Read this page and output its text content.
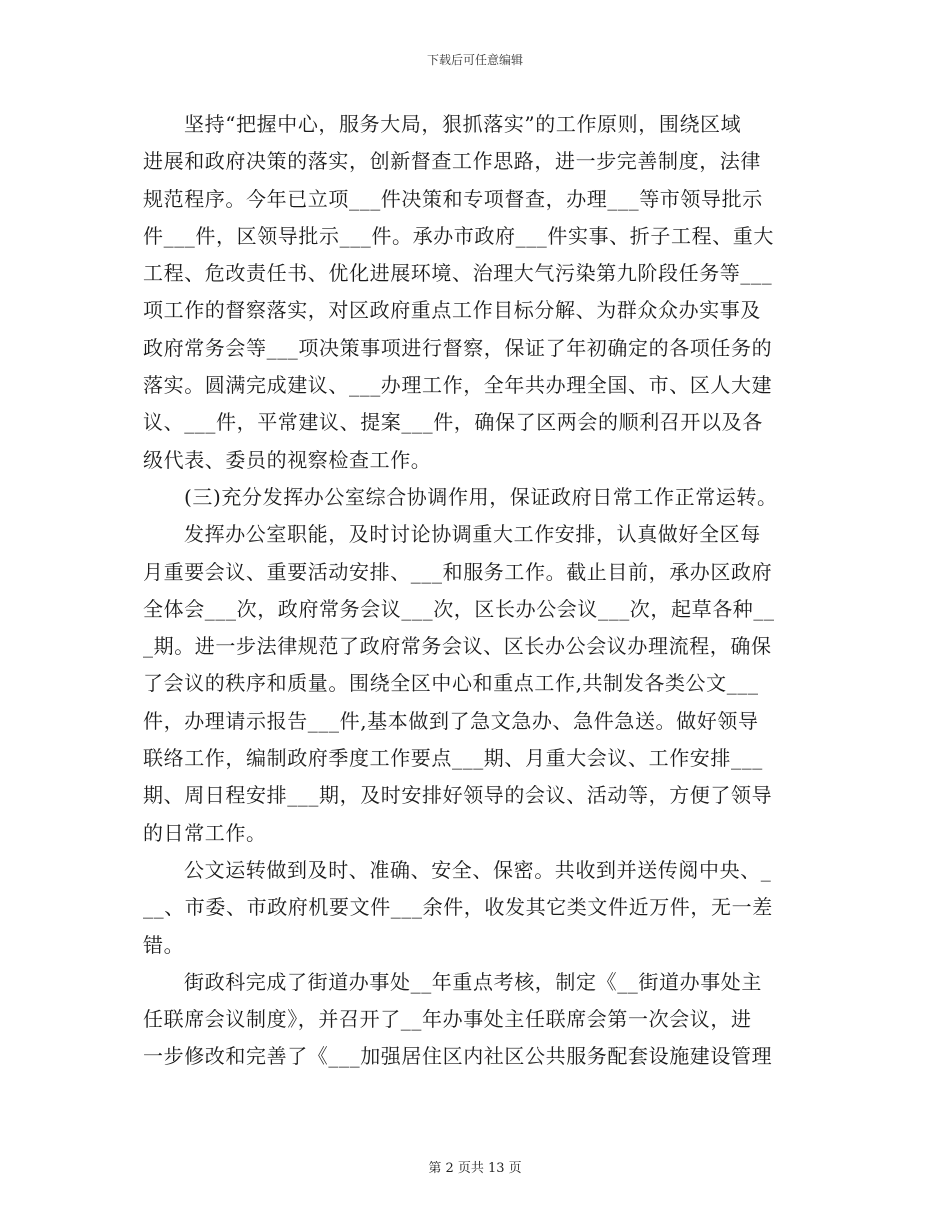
下载后可任意编辑
坚持“把握中心，服务大局，狠抓落实”的工作原则，围绕区域
进展和政府决策的落实，创新督查工作思路，进一步完善制度，法律
规范程序。今年已立项___件决策和专项督查，办理___等市领导批示
件___件，区领导批示___件。承办市政府___件实事、折子工程、重大
工程、危改责任书、优化进展环境、治理大气污染第九阶段任务等___
项工作的督察落实，对区政府重点工作目标分解、为群众众办实事及
政府常务会等___项决策事项进行督察，保证了年初确定的各项任务的
落实。圆满完成建议、___办理工作，全年共办理全国、市、区人大建
议、___件，平常建议、提案___件，确保了区两会的顺利召开以及各
级代表、委员的视察检查工作。
(三)充分发挥办公室综合协调作用，保证政府日常工作正常运转。
发挥办公室职能，及时讨论协调重大工作安排，认真做好全区每
月重要会议、重要活动安排、___和服务工作。截止目前，承办区政府
全体会___次，政府常务会议___次，区长办公会议___次，起草各种__
_期。进一步法律规范了政府常务会议、区长办公会议办理流程，确保
了会议的秩序和质量。围绕全区中心和重点工作,共制发各类公文___
件，办理请示报告___件,基本做到了急文急办、急件急送。做好领导
联络工作，编制政府季度工作要点___期、月重大会议、工作安排___
期、周日程安排___期，及时安排好领导的会议、活动等，方便了领导
的日常工作。
公文运转做到及时、准确、安全、保密。共收到并送传阅中央、_
__、市委、市政府机要文件___余件，收发其它类文件近万件，无一差
错。
街政科完成了街道办事处__年重点考核，制定《__街道办事处主
任联席会议制度》，并召开了__年办事处主任联席会第一次会议，进
一步修改和完善了《___加强居住区内社区公共服务配套设施建设管理
第 2 页共 13 页
